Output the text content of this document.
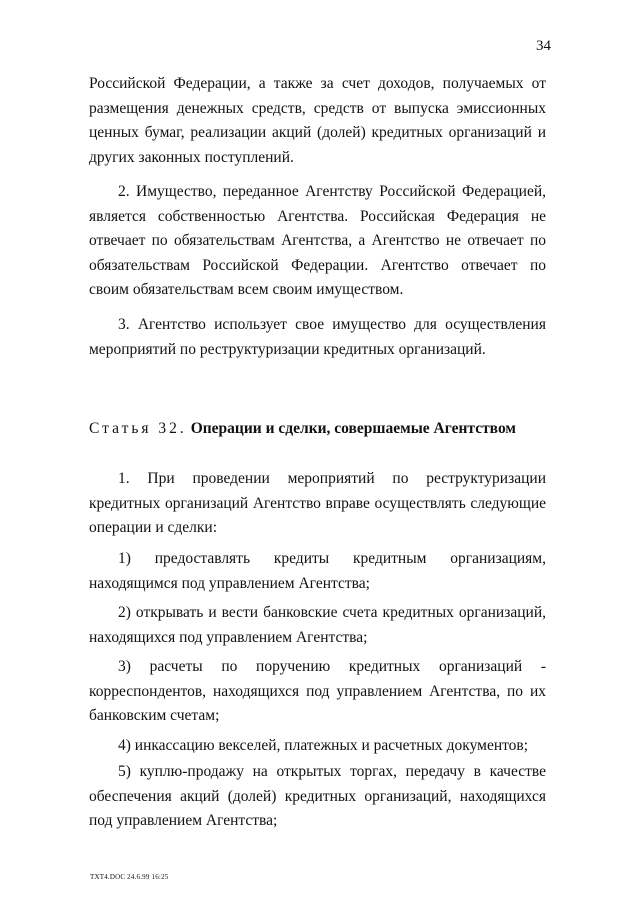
34

Российской Федерации, а также за счет доходов, получаемых от размещения денежных средств, средств от выпуска эмиссионных ценных бумаг, реализации акций (долей) кредитных организаций и других законных поступлений.

2. Имущество, переданное Агентству Российской Федерацией, является собственностью Агентства. Российская Федерация не отвечает по обязательствам Агентства, а Агентство не отвечает по обязательствам Российской Федерации. Агентство отвечает по своим обязательствам всем своим имуществом.

3. Агентство использует свое имущество для осуществления мероприятий по реструктуризации кредитных организаций.

Статья 32. Операции и сделки, совершаемые Агентством

1. При проведении мероприятий по реструктуризации кредитных организаций Агентство вправе осуществлять следующие операции и сделки:

1) предоставлять кредиты кредитным организациям, находящимся под управлением Агентства;

2) открывать и вести банковские счета кредитных организаций, находящихся под управлением Агентства;

3) расчеты по поручению кредитных организаций - корреспондентов, находящихся под управлением Агентства, по их банковским счетам;

4) инкассацию векселей, платежных и расчетных документов;

5) куплю-продажу на открытых торгах, передачу в качестве обеспечения акций (долей) кредитных организаций, находящихся под управлением Агентства;

TXT4.DOC 24.6.99 16:25
